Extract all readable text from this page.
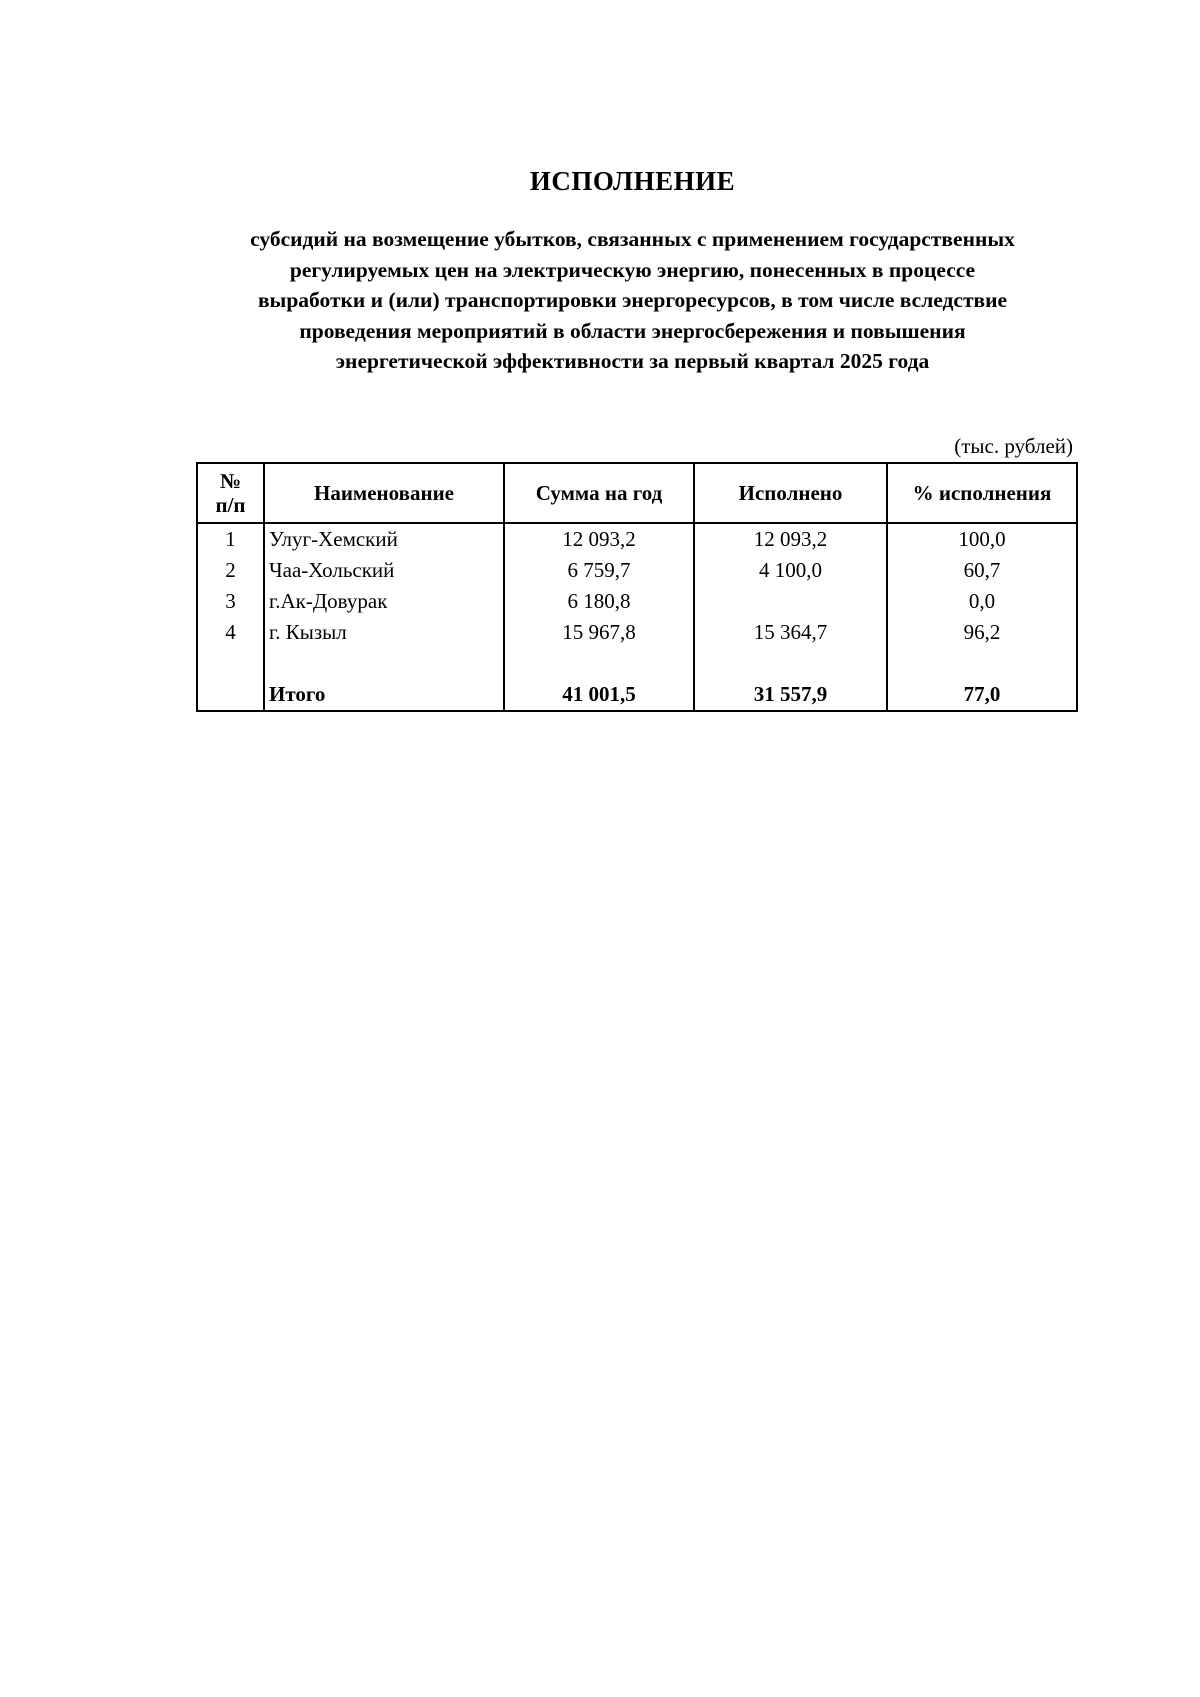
ИСПОЛНЕНИЕ
субсидий на возмещение убытков, связанных с применением государственных
регулируемых цен на электрическую энергию, понесенных в процессе
выработки и (или) транспортировки энергоресурсов, в том числе вследствие
проведения мероприятий в области энергосбережения и повышения
энергетической эффективности за первый квартал 2025 года
(тыс. рублей)
№
п/п	Наименование	Сумма на год	Исполнено	% исполнения
1	Улуг-Хемский	12 093,2	12 093,2	100,0
2	Чаа-Хольский	6 759,7	4 100,0	60,7
3	г.Ак-Довурак	6 180,8		0,0
4	г. Кызыл	15 967,8	15 364,7	96,2

	Итого	41 001,5	31 557,9	77,0
